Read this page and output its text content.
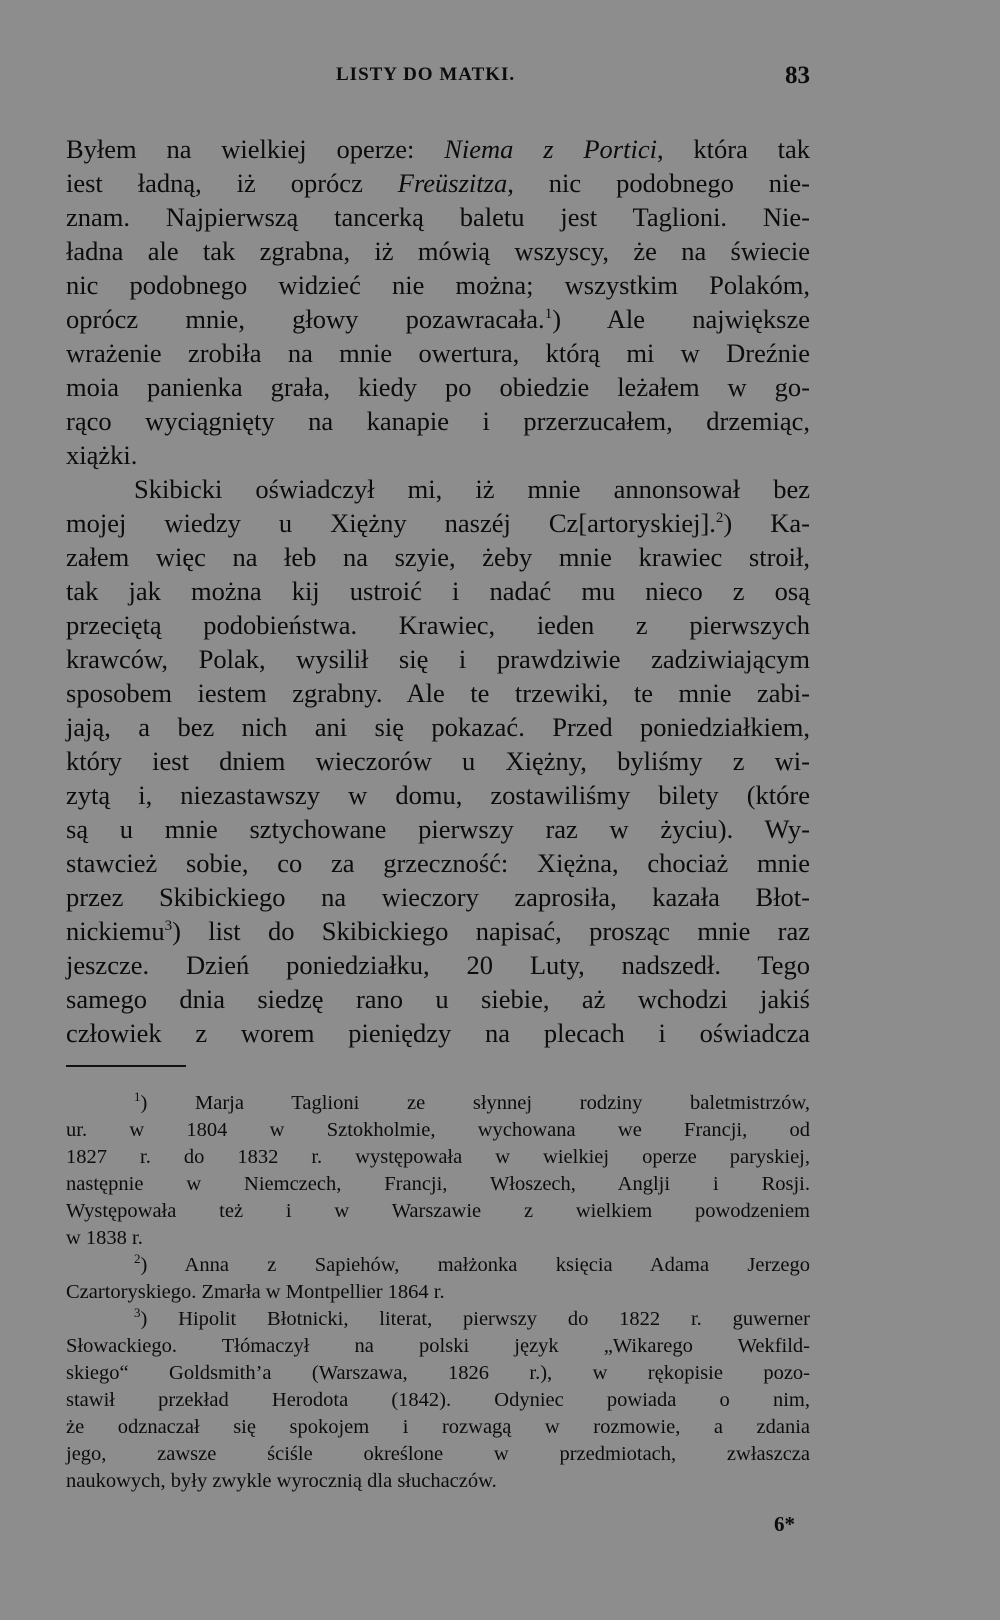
LISTY DO MATKI.	83
Byłem na wielkiej operze: Niema z Portici, która tak
iest ładną, iż oprócz Freüszitza, nic podobnego nie-
znam. Najpierwszą tancerką baletu jest Taglioni. Nie-
ładna ale tak zgrabna, iż mówią wszyscy, że na świecie
nic podobnego widzieć nie można; wszystkim Polakóm,
oprócz mnie, głowy pozawracała.$^1$) Ale największe
wrażenie zrobiła na mnie owertura, którą mi w Dreźnie
moia panienka grała, kiedy po obiedzie leżałem w go-
rąco wyciągnięty na kanapie i przerzucałem, drzemiąc,
xiążki.
Skibicki oświadczył mi, iż mnie annonsował bez
mojej wiedzy u Xiężny naszéj Cz[artoryskiej].$^2$) Ka-
załem więc na łeb na szyie, żeby mnie krawiec stroił,
tak jak można kij ustroić i nadać mu nieco z osą
przeciętą podobieństwa. Krawiec, ieden z pierwszych
krawców, Polak, wysilił się i prawdziwie zadziwiającym
sposobem iestem zgrabny. Ale te trzewiki, te mnie zabi-
jają, a bez nich ani się pokazać. Przed poniedziałkiem,
który iest dniem wieczorów u Xiężny, byliśmy z wi-
zytą i, niezastawszy w domu, zostawiliśmy bilety (które
są u mnie sztychowane pierwszy raz w życiu). Wy-
stawcież sobie, co za grzeczność: Xiężna, chociaż mnie
przez Skibickiego na wieczory zaprosiła, kazała Błot-
nickiemu$^3$) list do Skibickiego napisać, prosząc mnie raz
jeszcze. Dzień poniedziałku, 20 Luty, nadszedł. Tego
samego dnia siedzę rano u siebie, aż wchodzi jakiś
człowiek z worem pieniędzy na plecach i oświadcza
$^1$) Marja Taglioni ze słynnej rodziny baletmistrzów,
ur. w 1804 w Sztokholmie, wychowana we Francji, od
1827 r. do 1832 r. występowała w wielkiej operze paryskiej,
następnie w Niemczech, Francji, Włoszech, Anglji i Rosji.
Występowała też i w Warszawie z wielkiem powodzeniem
w 1838 r.
$^2$) Anna z Sapiehów, małżonka księcia Adama Jerzego
Czartoryskiego. Zmarła w Montpellier 1864 r.
$^3$) Hipolit Błotnicki, literat, pierwszy do 1822 r. guwerner
Słowackiego. Tłómaczył na polski język „Wikarego Wekfild-
skiego“ Goldsmith’a (Warszawa, 1826 r.), w rękopisie pozo-
stawił przekład Herodota (1842). Odyniec powiada o nim,
że odznaczał się spokojem i rozwagą w rozmowie, a zdania
jego, zawsze ściśle określone w przedmiotach, zwłaszcza
naukowych, były zwykle wyrocznią dla słuchaczów.
6*
